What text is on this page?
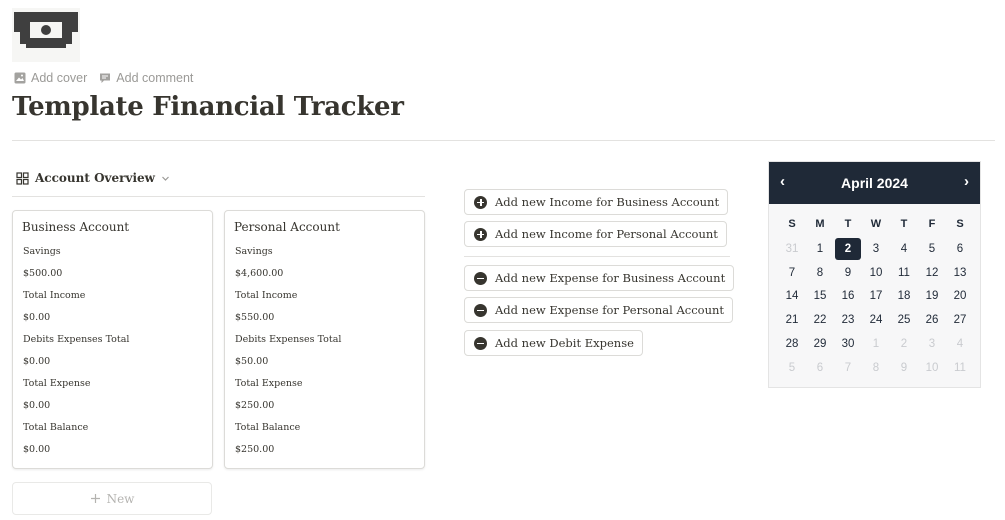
Add cover Add comment
Template Financial Tracker
Account Overview
Business Account
Savings
$500.00
Total Income
$0.00
Debits Expenses Total
$0.00
Total Expense
$0.00
Total Balance
$0.00
Personal Account
Savings
$4,600.00
Total Income
$550.00
Debits Expenses Total
$50.00
Total Expense
$250.00
Total Balance
$250.00
New
Add new Income for Business Account
Add new Income for Personal Account
Add new Expense for Business Account
Add new Expense for Personal Account
Add new Debit Expense
‹	April 2024	›
S	M	T	W	T	F	S
31	1	2	3	4	5	6
7	8	9	10	11	12	13
14	15	16	17	18	19	20
21	22	23	24	25	26	27
28	29	30	1	2	3	4
5	6	7	8	9	10	11
